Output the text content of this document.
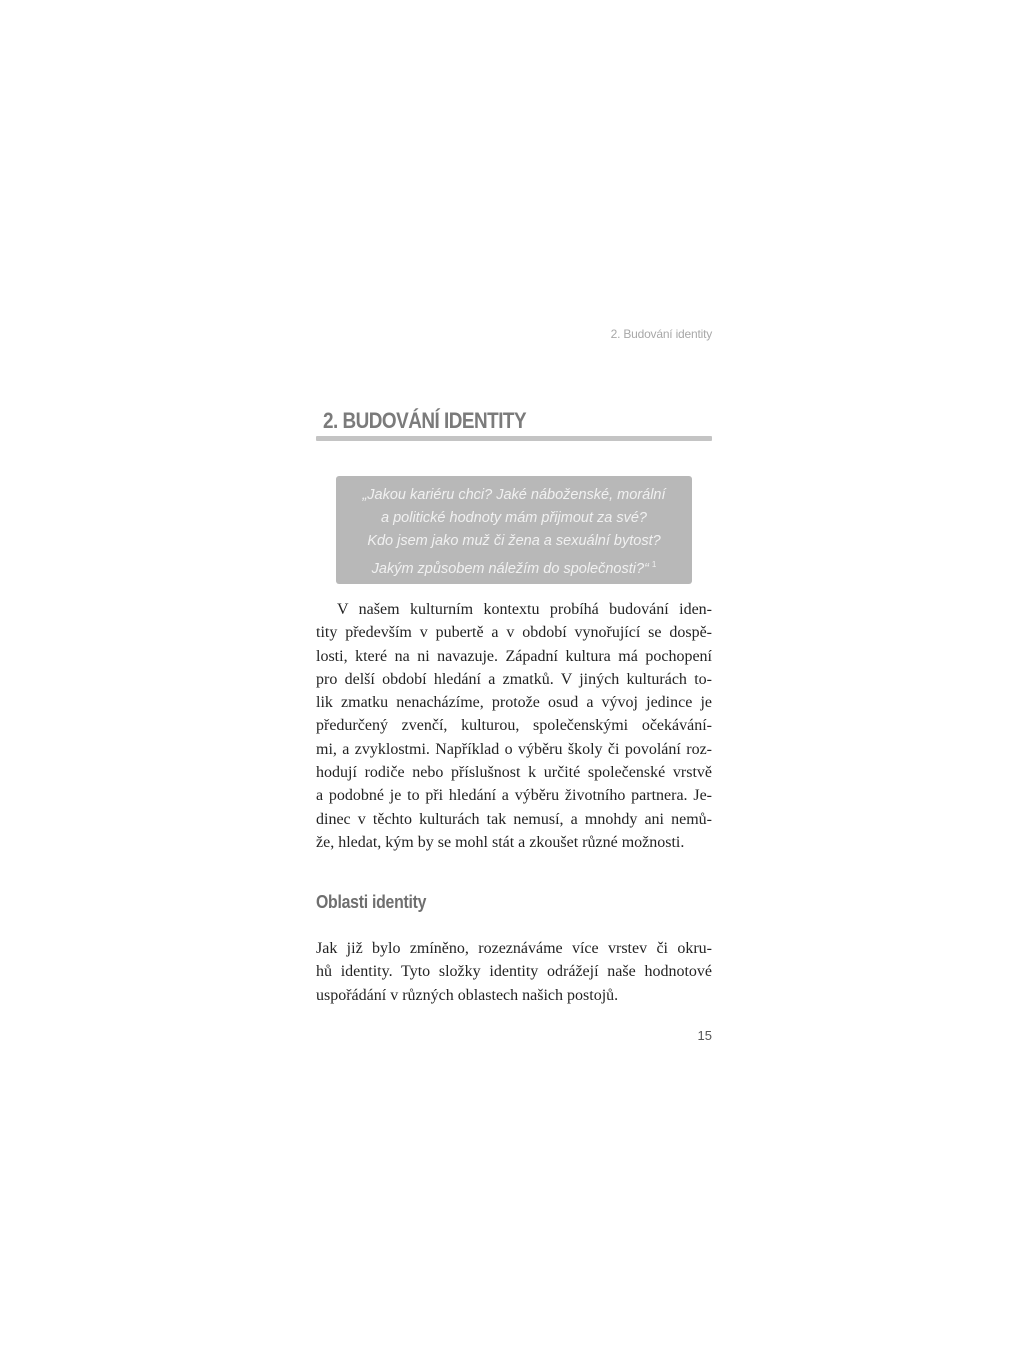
2. Budování identity
2. BUDOVÁNÍ IDENTITY
„Jakou kariéru chci? Jaké náboženské, morální
a politické hodnoty mám přijmout za své?
Kdo jsem jako muž či žena a sexuální bytost?
Jakým způsobem náležím do společnosti?“ $^1$
V našem kulturním kontextu probíhá budování iden-
tity především v pubertě a v období vynořující se dospě-
losti, které na ni navazuje. Západní kultura má pochopení
pro delší období hledání a zmatků. V jiných kulturách to-
lik zmatku nenacházíme, protože osud a vývoj jedince je
předurčený zvenčí, kulturou, společenskými očekávání-
mi, a zvyklostmi. Například o výběru školy či povolání roz-
hodují rodiče nebo příslušnost k určité společenské vrstvě
a podobné je to při hledání a výběru životního partnera. Je-
dinec v těchto kulturách tak nemusí, a mnohdy ani nemů-
že, hledat, kým by se mohl stát a zkoušet různé možnosti.
Oblasti identity
Jak již bylo zmíněno, rozeznáváme více vrstev či okru-
hů identity. Tyto složky identity odrážejí naše hodnotové
uspořádání v různých oblastech našich postojů.
15
